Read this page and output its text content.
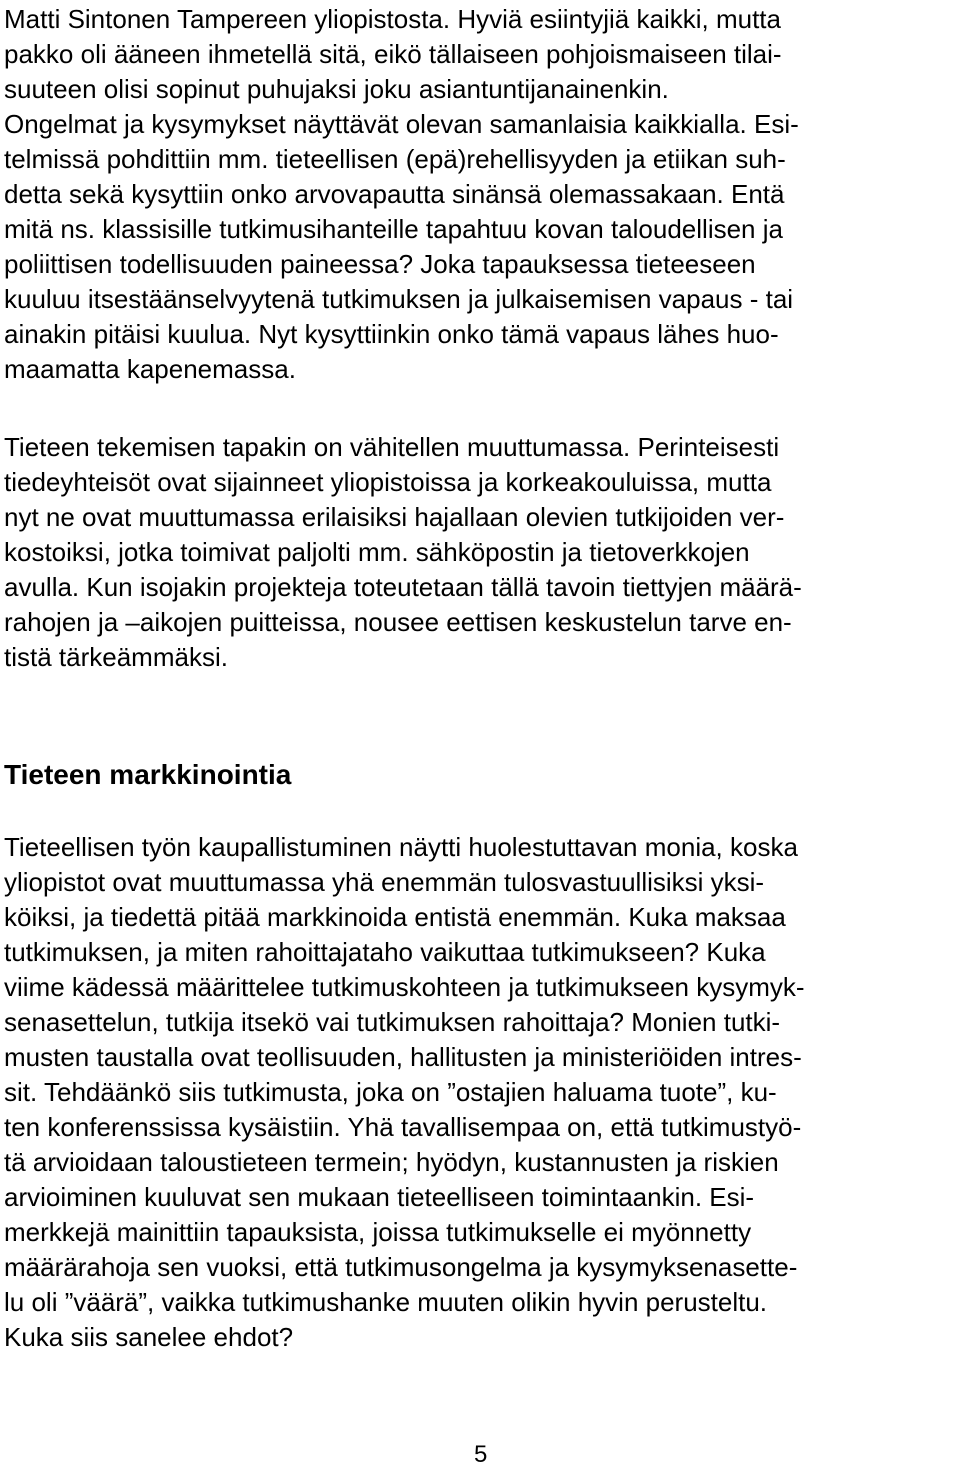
Matti Sintonen Tampereen yliopistosta. Hyviä esiintyjiä kaikki, mutta
pakko oli ääneen ihmetellä sitä, eikö tällaiseen pohjoismaiseen tilai-
suuteen olisi sopinut puhujaksi joku asiantuntijanainenkin.
Ongelmat ja kysymykset näyttävät olevan samanlaisia kaikkialla. Esi-
telmissä pohdittiin mm. tieteellisen (epä)rehellisyyden ja etiikan suh-
detta sekä kysyttiin onko arvovapautta sinänsä olemassakaan. Entä
mitä ns. klassisille tutkimusihanteille tapahtuu kovan taloudellisen ja
poliittisen todellisuuden paineessa? Joka tapauksessa tieteeseen
kuuluu itsestäänselvyytenä tutkimuksen ja julkaisemisen vapaus - tai
ainakin pitäisi kuulua. Nyt kysyttiinkin onko tämä vapaus lähes huo-
maamatta kapenemassa.
Tieteen tekemisen tapakin on vähitellen muuttumassa. Perinteisesti
tiedeyhteisöt ovat sijainneet yliopistoissa ja korkeakouluissa, mutta
nyt ne ovat muuttumassa erilaisiksi hajallaan olevien tutkijoiden ver-
kostoiksi, jotka toimivat paljolti mm. sähköpostin ja tietoverkkojen
avulla. Kun isojakin projekteja toteutetaan tällä tavoin tiettyjen määrä-
rahojen ja –aikojen puitteissa, nousee eettisen keskustelun tarve en-
tistä tärkeämmäksi.
Tieteen markkinointia
Tieteellisen työn kaupallistuminen näytti huolestuttavan monia, koska
yliopistot ovat muuttumassa yhä enemmän tulosvastuullisiksi yksi-
köiksi, ja tiedettä pitää markkinoida entistä enemmän. Kuka maksaa
tutkimuksen, ja miten rahoittajataho vaikuttaa tutkimukseen? Kuka
viime kädessä määrittelee tutkimuskohteen ja tutkimukseen kysymyk-
senasettelun, tutkija itsekö vai tutkimuksen rahoittaja? Monien tutki-
musten taustalla ovat teollisuuden, hallitusten ja ministeriöiden intres-
sit. Tehdäänkö siis tutkimusta, joka on ”ostajien haluama tuote”, ku-
ten konferenssissa kysäistiin. Yhä tavallisempaa on, että tutkimustyö-
tä arvioidaan taloustieteen termein; hyödyn, kustannusten ja riskien
arvioiminen kuuluvat sen mukaan tieteelliseen toimintaankin. Esi-
merkkejä mainittiin tapauksista, joissa tutkimukselle ei myönnetty
määrärahoja sen vuoksi, että tutkimusongelma ja kysymyksenasette-
lu oli ”väärä”, vaikka tutkimushanke muuten olikin hyvin perusteltu.
Kuka siis sanelee ehdot?
5
